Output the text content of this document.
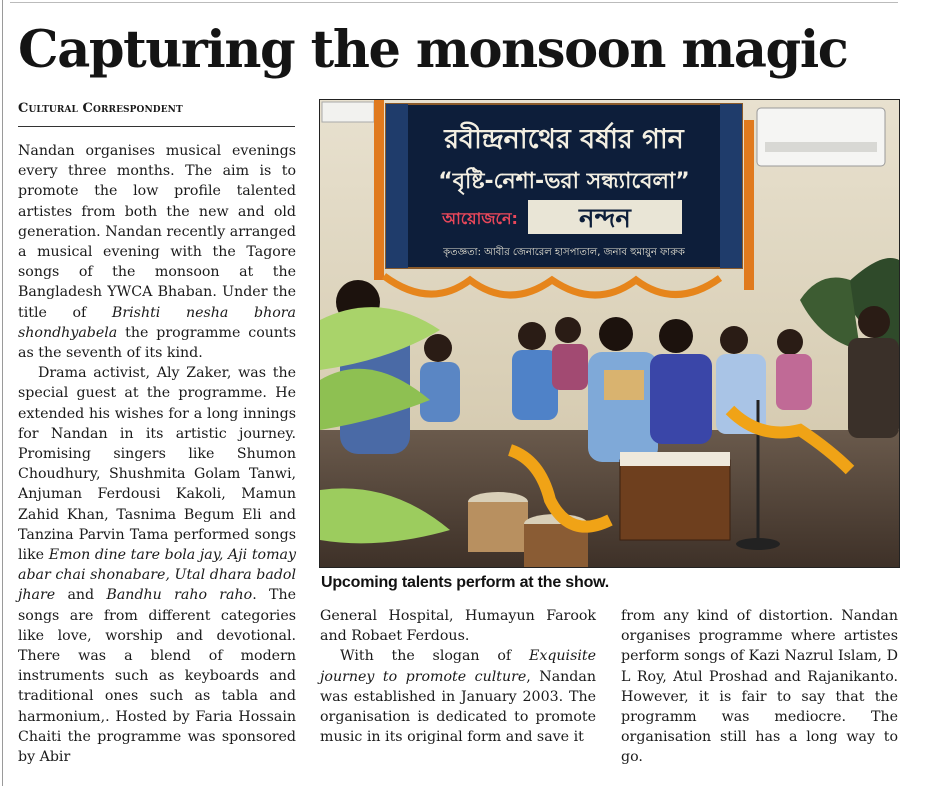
Capturing the monsoon magic
Cultural Correspondent

Nandan organises musical evenings every three months. The aim is to promote the low profile talented artistes from both the new and old generation. Nandan recently arranged a musical evening with the Tagore songs of the monsoon at the Bangladesh YWCA Bhaban. Under the title of Brishti nesha bhora shondhyabela the programme counts as the seventh of its kind.

Drama activist, Aly Zaker, was the special guest at the programme. He extended his wishes for a long innings for Nandan in its artistic journey. Promising singers like Shumon Choudhury, Shushmita Golam Tanwi, Anjuman Ferdousi Kakoli, Mamun Zahid Khan, Tasnima Begum Eli and Tanzina Parvin Tama performed songs like Emon dine tare bola jay, Aji tomay abar chai shonabare, Utal dhara badol jhare and Bandhu raho raho. The songs are from different categories like love, worship and devotional. There was a blend of modern instruments such as keyboards and traditional ones such as tabla and harmonium,. Hosted by Faria Hossain Chaiti the programme was sponsored by Abir

রবীন্দ্রনাথের বর্ষার গান
“বৃষ্টি-নেশা-ভরা সন্ধ্যাবেলা”
আয়োজনে: নন্দন
কৃতজ্ঞতা: আবীর জেনারেল হাসপাতাল, জনাব হুমায়ুন ফারুক
Upcoming talents perform at the show.

General Hospital, Humayun Farook and Robaet Ferdous.

With the slogan of Exquisite journey to promote culture, Nandan was established in January 2003. The organisation is dedicated to promote music in its original form and save it

from any kind of distortion. Nandan organises programme where artistes perform songs of Kazi Nazrul Islam, D L Roy, Atul Proshad and Rajanikanto. However, it is fair to say that the programm was mediocre. The organisation still has a long way to go.
